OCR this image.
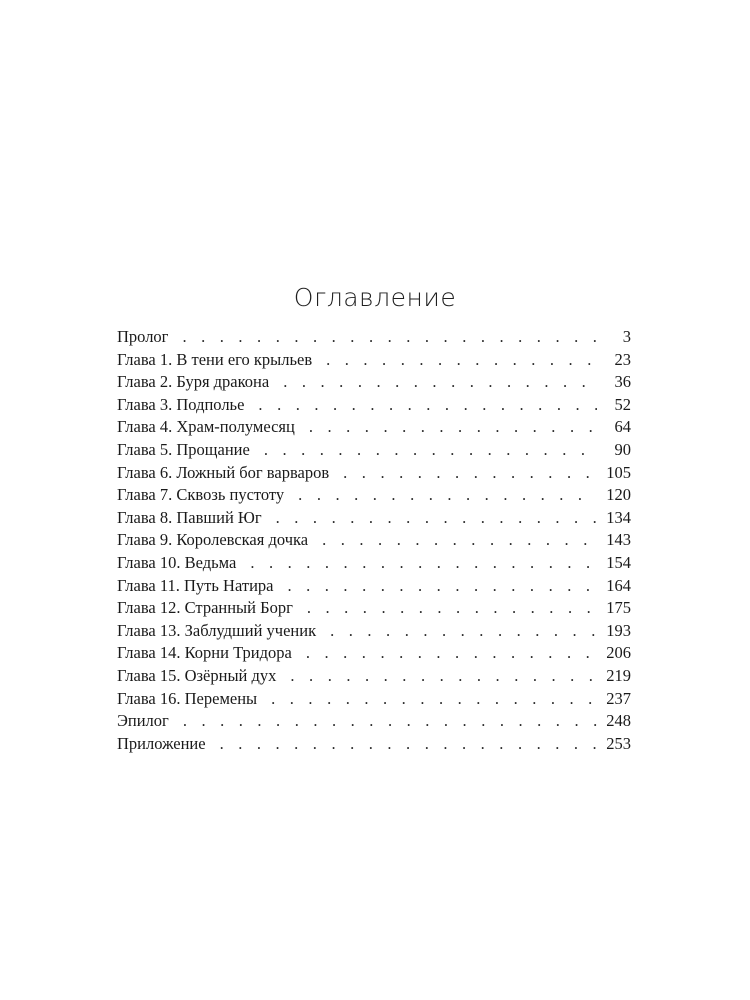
Оглавление
Пролог . . .	3
Глава 1. В тени его крыльев . . .	23
Глава 2. Буря дракона . . .	36
Глава 3. Подполье . . .	52
Глава 4. Храм-полумесяц . . .	64
Глава 5. Прощание . . .	90
Глава 6. Ложный бог варваров . . .	105
Глава 7. Сквозь пустоту . . .	120
Глава 8. Павший Юг . . .	134
Глава 9. Королевская дочка . . .	143
Глава 10. Ведьма . . .	154
Глава 11. Путь Натира . . .	164
Глава 12. Странный Борг . . .	175
Глава 13. Заблудший ученик . . .	193
Глава 14. Корни Тридора . . .	206
Глава 15. Озёрный дух . . .	219
Глава 16. Перемены . . .	237
Эпилог . . .	248
Приложение . . .	253
